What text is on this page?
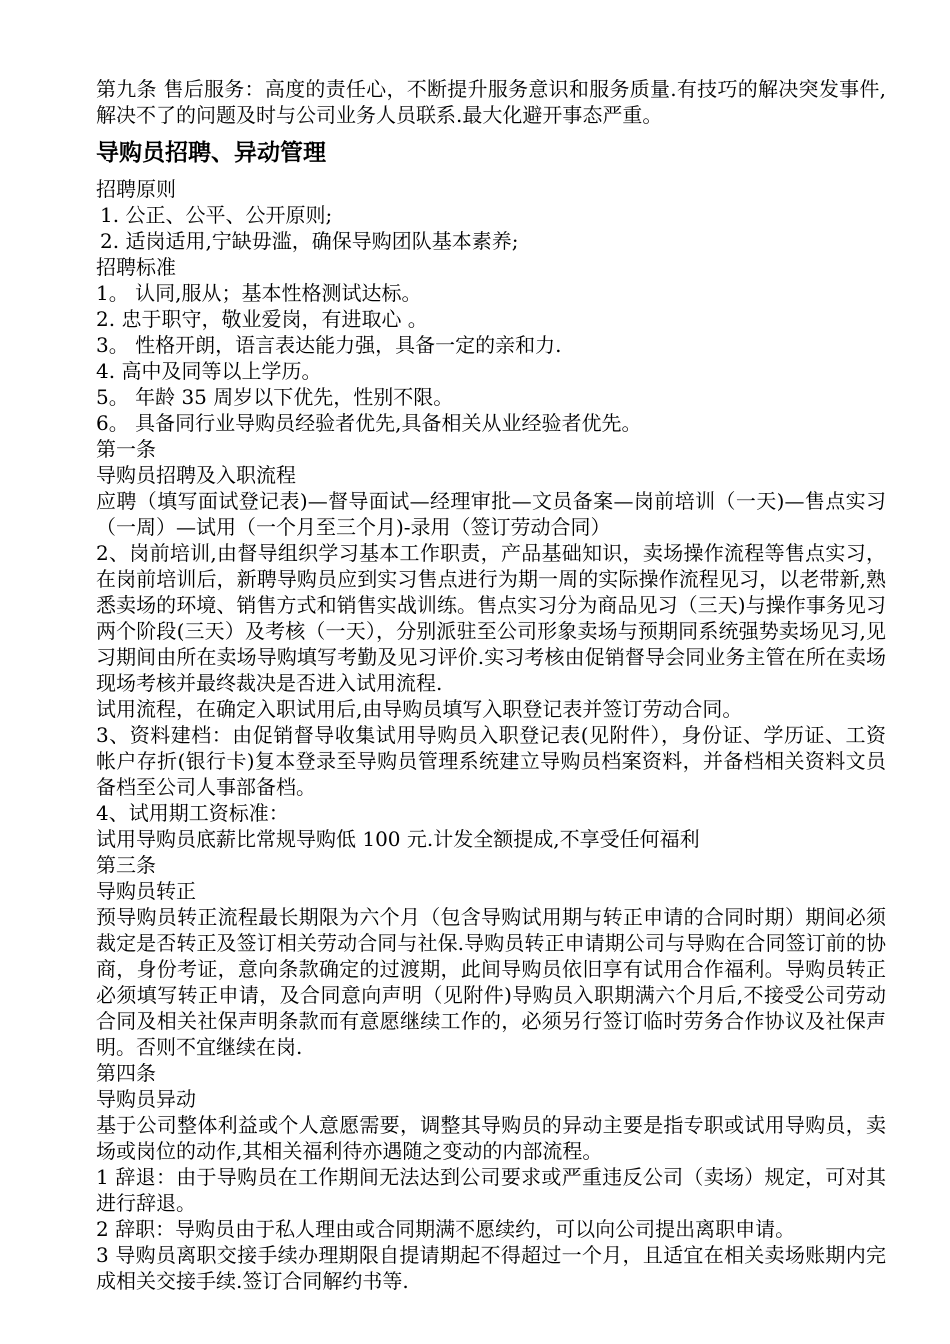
第九条 售后服务：高度的责任心，不断提升服务意识和服务质量.有技巧的解决突发事件,解决不了的问题及时与公司业务人员联系.最大化避开事态严重。

导购员招聘、异动管理

招聘原则

1. 公正、公平、公开原则;

2. 适岗适用,宁缺毋滥，确保导购团队基本素养;

招聘标准

1。 认同,服从；基本性格测试达标。

2. 忠于职守，敬业爱岗，有进取心 。

3。 性格开朗，语言表达能力强，具备一定的亲和力.

4. 高中及同等以上学历。

5。 年龄 35 周岁以下优先，性别不限。

6。 具备同行业导购员经验者优先,具备相关从业经验者优先。

第一条

导购员招聘及入职流程

应聘（填写面试登记表)—督导面试—经理审批—文员备案—岗前培训（一天)—售点实习（一周）—试用（一个月至三个月)-录用（签订劳动合同）

2、岗前培训,由督导组织学习基本工作职责，产品基础知识，卖场操作流程等售点实习，在岗前培训后，新聘导购员应到实习售点进行为期一周的实际操作流程见习，以老带新,熟悉卖场的环境、销售方式和销售实战训练。售点实习分为商品见习（三天)与操作事务见习两个阶段(三天）及考核（一天），分别派驻至公司形象卖场与预期同系统强势卖场见习,见习期间由所在卖场导购填写考勤及见习评价.实习考核由促销督导会同业务主管在所在卖场现场考核并最终裁决是否进入试用流程.

试用流程，在确定入职试用后,由导购员填写入职登记表并签订劳动合同。

3、资料建档：由促销督导收集试用导购员入职登记表(见附件），身份证、学历证、工资帐户存折(银行卡)复本登录至导购员管理系统建立导购员档案资料，并备档相关资料文员备档至公司人事部备档。

4、试用期工资标准：

试用导购员底薪比常规导购低 100 元.计发全额提成,不享受任何福利

第三条

导购员转正

预导购员转正流程最长期限为六个月（包含导购试用期与转正申请的合同时期）期间必须裁定是否转正及签订相关劳动合同与社保.导购员转正申请期公司与导购在合同签订前的协商，身份考证，意向条款确定的过渡期，此间导购员依旧享有试用合作福利。导购员转正必须填写转正申请，及合同意向声明（见附件)导购员入职期满六个月后,不接受公司劳动合同及相关社保声明条款而有意愿继续工作的，必须另行签订临时劳务合作协议及社保声明。否则不宜继续在岗.

第四条

导购员异动

基于公司整体利益或个人意愿需要，调整其导购员的异动主要是指专职或试用导购员，卖场或岗位的动作,其相关福利待亦遇随之变动的内部流程。

1 辞退：由于导购员在工作期间无法达到公司要求或严重违反公司（卖场）规定，可对其进行辞退。

2 辞职：导购员由于私人理由或合同期满不愿续约，可以向公司提出离职申请。

3 导购员离职交接手续办理期限自提请期起不得超过一个月，且适宜在相关卖场账期内完成相关交接手续.签订合同解约书等.
